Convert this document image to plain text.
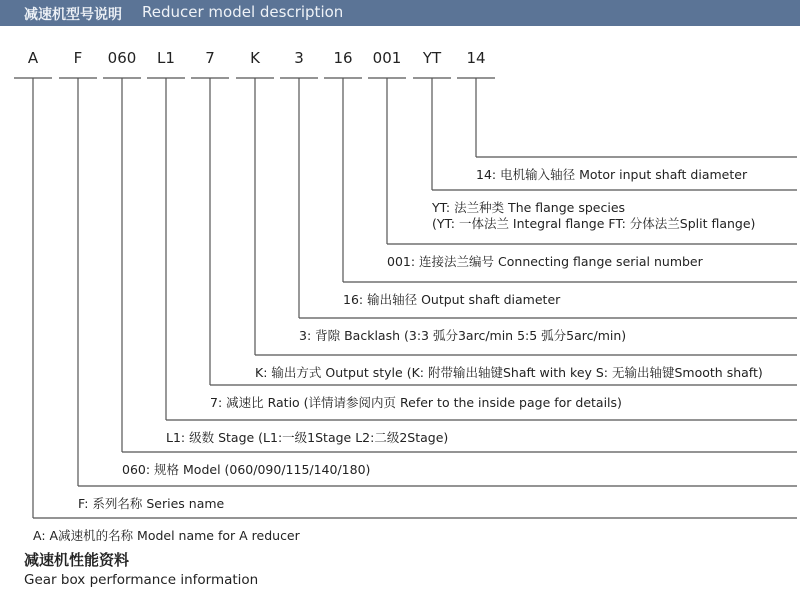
减速机型号说明 Reducer model description
A F 060 L1 7 K 3 16 001 YT 14
A: A减速机的名称 Model name for A reducer
F: 系列名称 Series name
060: 规格 Model (060/090/115/140/180)
L1: 级数 Stage (L1:一级1Stage L2:二级2Stage)
7: 减速比 Ratio (详情请参阅内页 Refer to the inside page for details)
K: 输出方式 Output style (K: 附带输出轴键Shaft with key S: 无输出轴键Smooth shaft)
3: 背隙 Backlash (3:3 弧分3arc/min 5:5 弧分5arc/min)
16: 输出轴径 Output shaft diameter
001: 连接法兰编号 Connecting flange serial number
YT: 法兰种类 The flange species
(YT: 一体法兰 Integral flange FT: 分体法兰Split flange)
14: 电机输入轴径 Motor input shaft diameter
减速机性能资料
Gear box performance information
